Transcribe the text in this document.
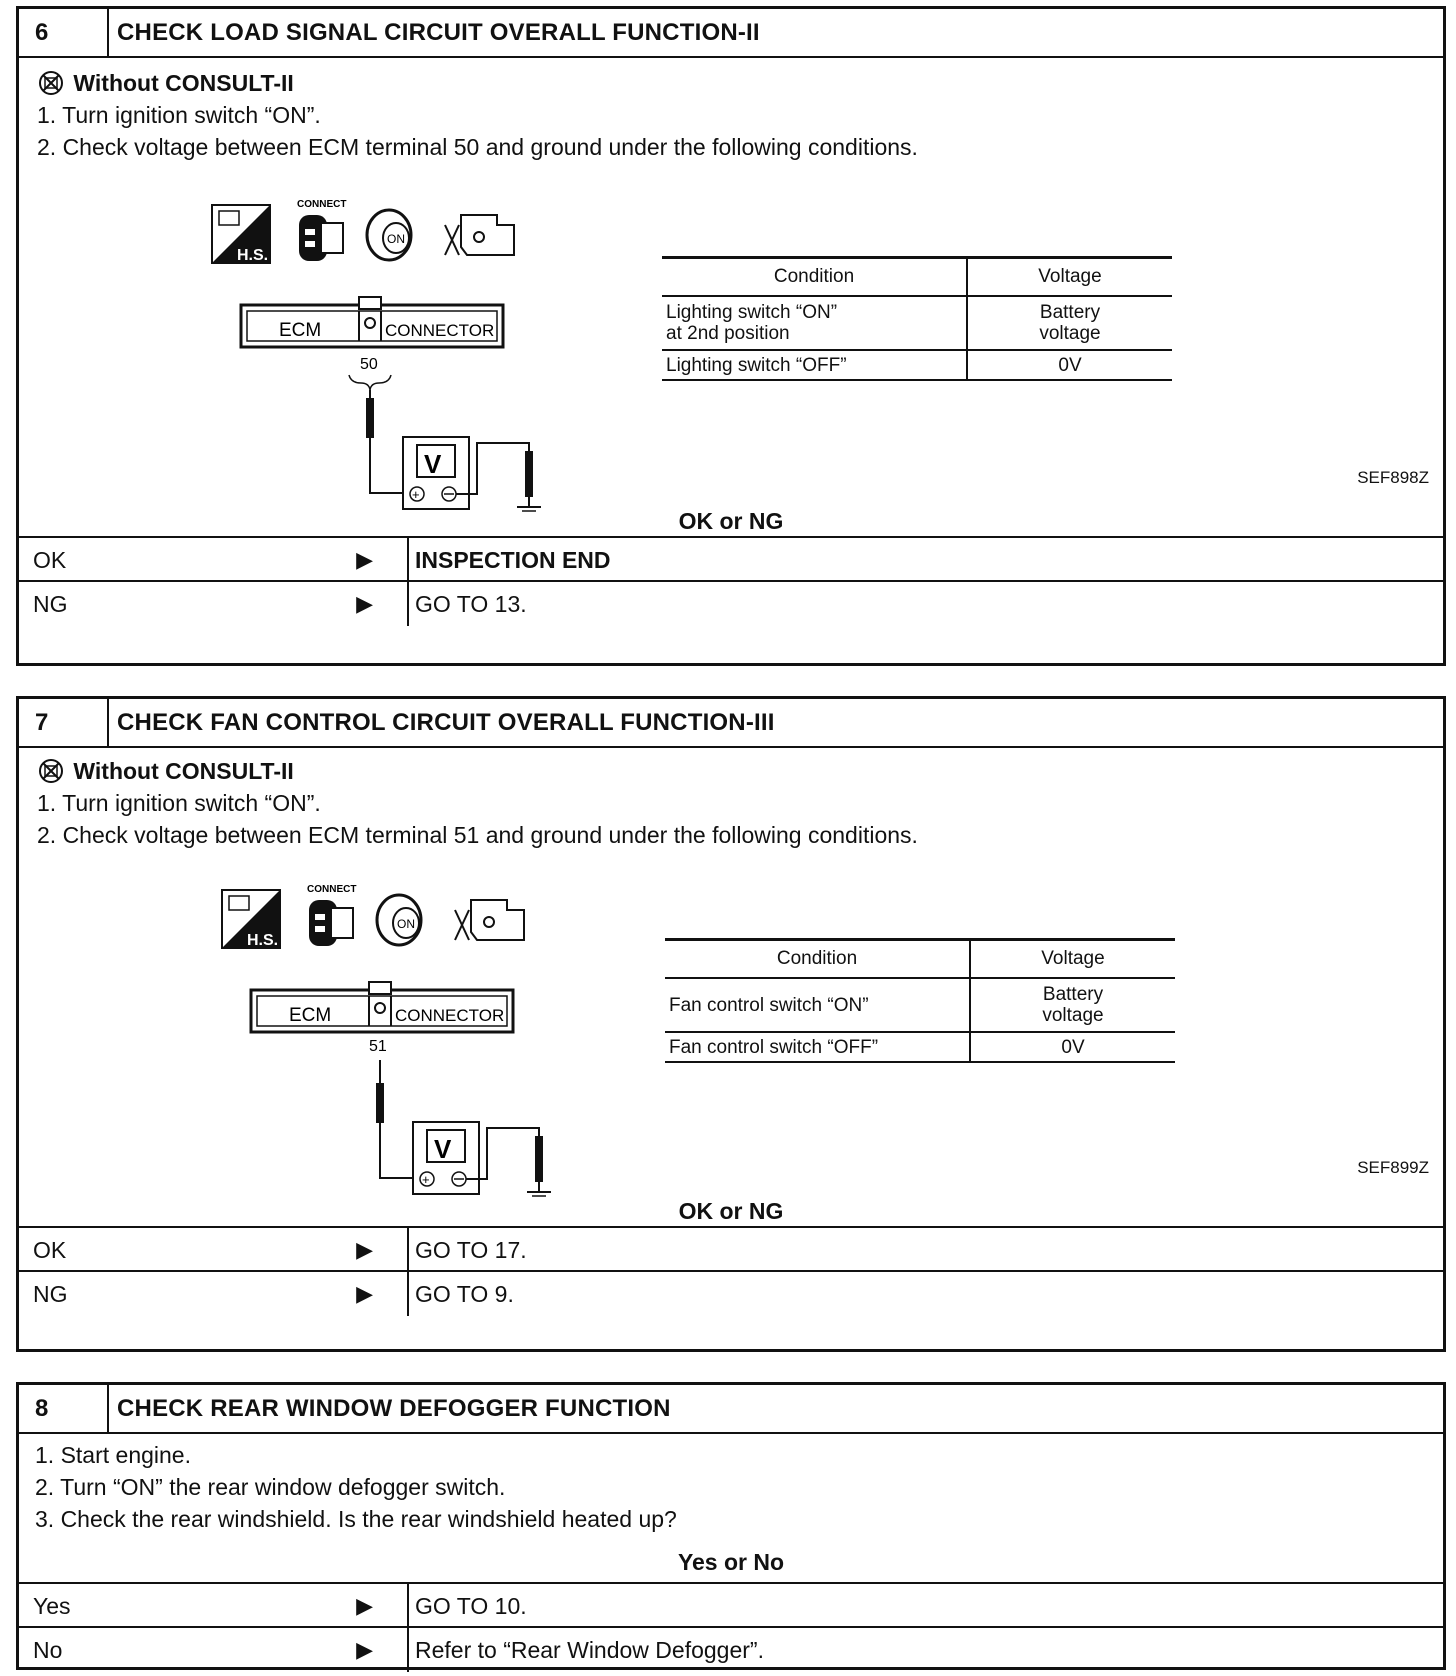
6	CHECK LOAD SIGNAL CIRCUIT OVERALL FUNCTION-II
Without CONSULT-II
1. Turn ignition switch “ON”.
2. Check voltage between ECM terminal 50 and ground under the following conditions.
H.S.
CONNECT
ON
ECM	CONNECTOR
50
V
+
Condition	Voltage
Lighting switch “ON”
at 2nd position	Battery
voltage
Lighting switch “OFF”	0V
SEF898Z
OK or NG
OK	▶ INSPECTION END
NG	▶ GO TO 13.
7	CHECK FAN CONTROL CIRCUIT OVERALL FUNCTION-III
Without CONSULT-II
1. Turn ignition switch “ON”.
2. Check voltage between ECM terminal 51 and ground under the following conditions.
H.S.
CONNECT
ON
ECM	CONNECTOR
51
V
+
Condition	Voltage
Fan control switch “ON”	Battery
voltage
Fan control switch “OFF”	0V
SEF899Z
OK or NG
OK	▶ GO TO 17.
NG	▶ GO TO 9.
8	CHECK REAR WINDOW DEFOGGER FUNCTION
1. Start engine.
2. Turn “ON” the rear window defogger switch.
3. Check the rear windshield. Is the rear windshield heated up?
Yes or No
Yes	▶ GO TO 10.
No	▶ Refer to “Rear Window Defogger”.
